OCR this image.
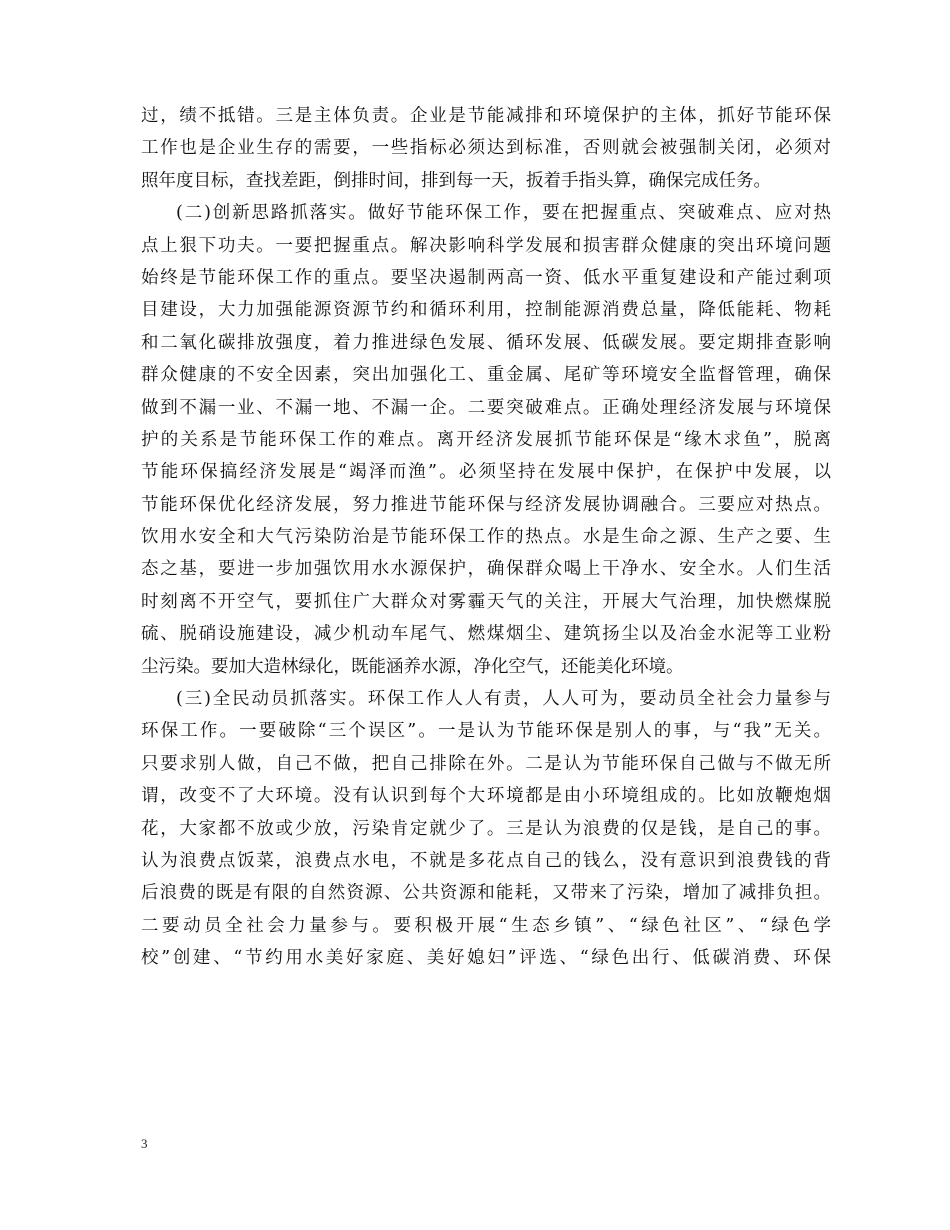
过，绩不抵错。三是主体负责。企业是节能减排和环境保护的主体，抓好节能环保
工作也是企业生存的需要，一些指标必须达到标准，否则就会被强制关闭，必须对
照年度目标，查找差距，倒排时间，排到每一天，扳着手指头算，确保完成任务。
(二)创新思路抓落实。做好节能环保工作，要在把握重点、突破难点、应对热
点上狠下功夫。一要把握重点。解决影响科学发展和损害群众健康的突出环境问题
始终是节能环保工作的重点。要坚决遏制两高一资、低水平重复建设和产能过剩项
目建设，大力加强能源资源节约和循环利用，控制能源消费总量，降低能耗、物耗
和二氧化碳排放强度，着力推进绿色发展、循环发展、低碳发展。要定期排查影响
群众健康的不安全因素，突出加强化工、重金属、尾矿等环境安全监督管理，确保
做到不漏一业、不漏一地、不漏一企。二要突破难点。正确处理经济发展与环境保
护的关系是节能环保工作的难点。离开经济发展抓节能环保是“缘木求鱼”，脱离
节能环保搞经济发展是“竭泽而渔”。必须坚持在发展中保护，在保护中发展，以
节能环保优化经济发展，努力推进节能环保与经济发展协调融合。三要应对热点。
饮用水安全和大气污染防治是节能环保工作的热点。水是生命之源、生产之要、生
态之基，要进一步加强饮用水水源保护，确保群众喝上干净水、安全水。人们生活
时刻离不开空气，要抓住广大群众对雾霾天气的关注，开展大气治理，加快燃煤脱
硫、脱硝设施建设，减少机动车尾气、燃煤烟尘、建筑扬尘以及冶金水泥等工业粉
尘污染。要加大造林绿化，既能涵养水源，净化空气，还能美化环境。
(三)全民动员抓落实。环保工作人人有责，人人可为，要动员全社会力量参与
环保工作。一要破除“三个误区”。一是认为节能环保是别人的事，与“我”无关。
只要求别人做，自己不做，把自己排除在外。二是认为节能环保自己做与不做无所
谓，改变不了大环境。没有认识到每个大环境都是由小环境组成的。比如放鞭炮烟
花，大家都不放或少放，污染肯定就少了。三是认为浪费的仅是钱，是自己的事。
认为浪费点饭菜，浪费点水电，不就是多花点自己的钱么，没有意识到浪费钱的背
后浪费的既是有限的自然资源、公共资源和能耗，又带来了污染，增加了减排负担。
二要动员全社会力量参与。要积极开展“生态乡镇”、“绿色社区”、“绿色学
校”创建、“节约用水美好家庭、美好媳妇”评选、“绿色出行、低碳消费、环保
3
